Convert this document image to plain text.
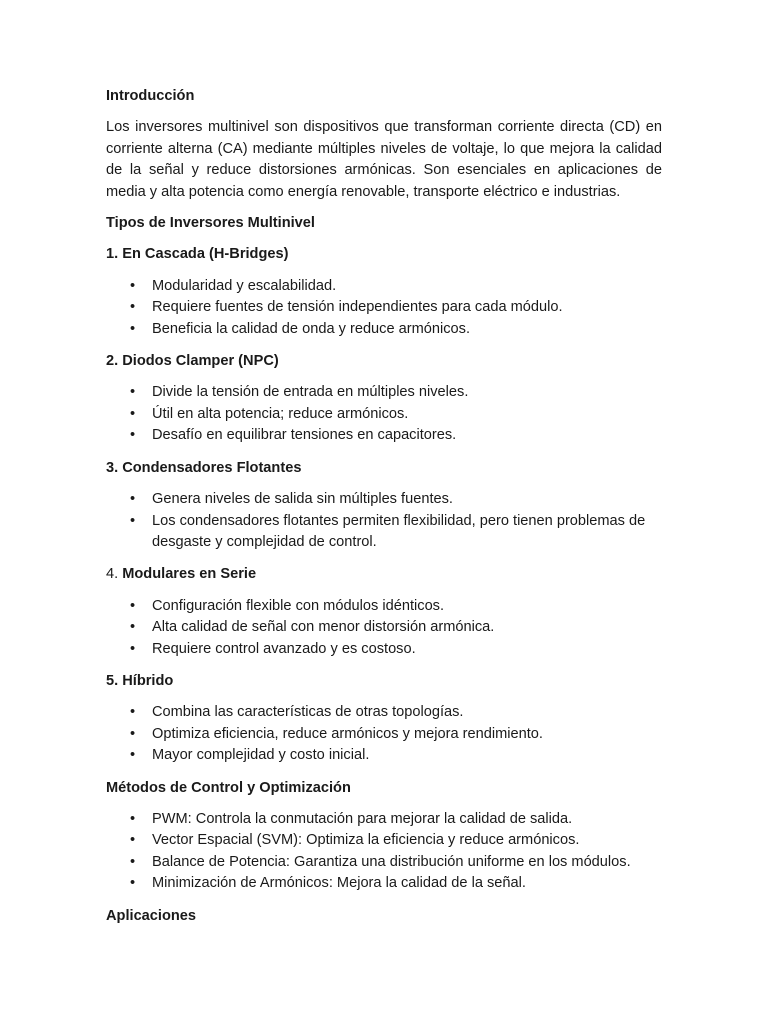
Introducción

Los inversores multinivel son dispositivos que transforman corriente directa (CD) en corriente alterna (CA) mediante múltiples niveles de voltaje, lo que mejora la calidad de la señal y reduce distorsiones armónicas. Son esenciales en aplicaciones de media y alta potencia como energía renovable, transporte eléctrico e industrias.

Tipos de Inversores Multinivel

1. En Cascada (H-Bridges)

• Modularidad y escalabilidad.
• Requiere fuentes de tensión independientes para cada módulo.
• Beneficia la calidad de onda y reduce armónicos.

2. Diodos Clamper (NPC)

• Divide la tensión de entrada en múltiples niveles.
• Útil en alta potencia; reduce armónicos.
• Desafío en equilibrar tensiones en capacitores.

3. Condensadores Flotantes

• Genera niveles de salida sin múltiples fuentes.
• Los condensadores flotantes permiten flexibilidad, pero tienen problemas de desgaste y complejidad de control.

4. Modulares en Serie

• Configuración flexible con módulos idénticos.
• Alta calidad de señal con menor distorsión armónica.
• Requiere control avanzado y es costoso.

5. Híbrido

• Combina las características de otras topologías.
• Optimiza eficiencia, reduce armónicos y mejora rendimiento.
• Mayor complejidad y costo inicial.

Métodos de Control y Optimización

• PWM: Controla la conmutación para mejorar la calidad de salida.
• Vector Espacial (SVM): Optimiza la eficiencia y reduce armónicos.
• Balance de Potencia: Garantiza una distribución uniforme en los módulos.
• Minimización de Armónicos: Mejora la calidad de la señal.

Aplicaciones
